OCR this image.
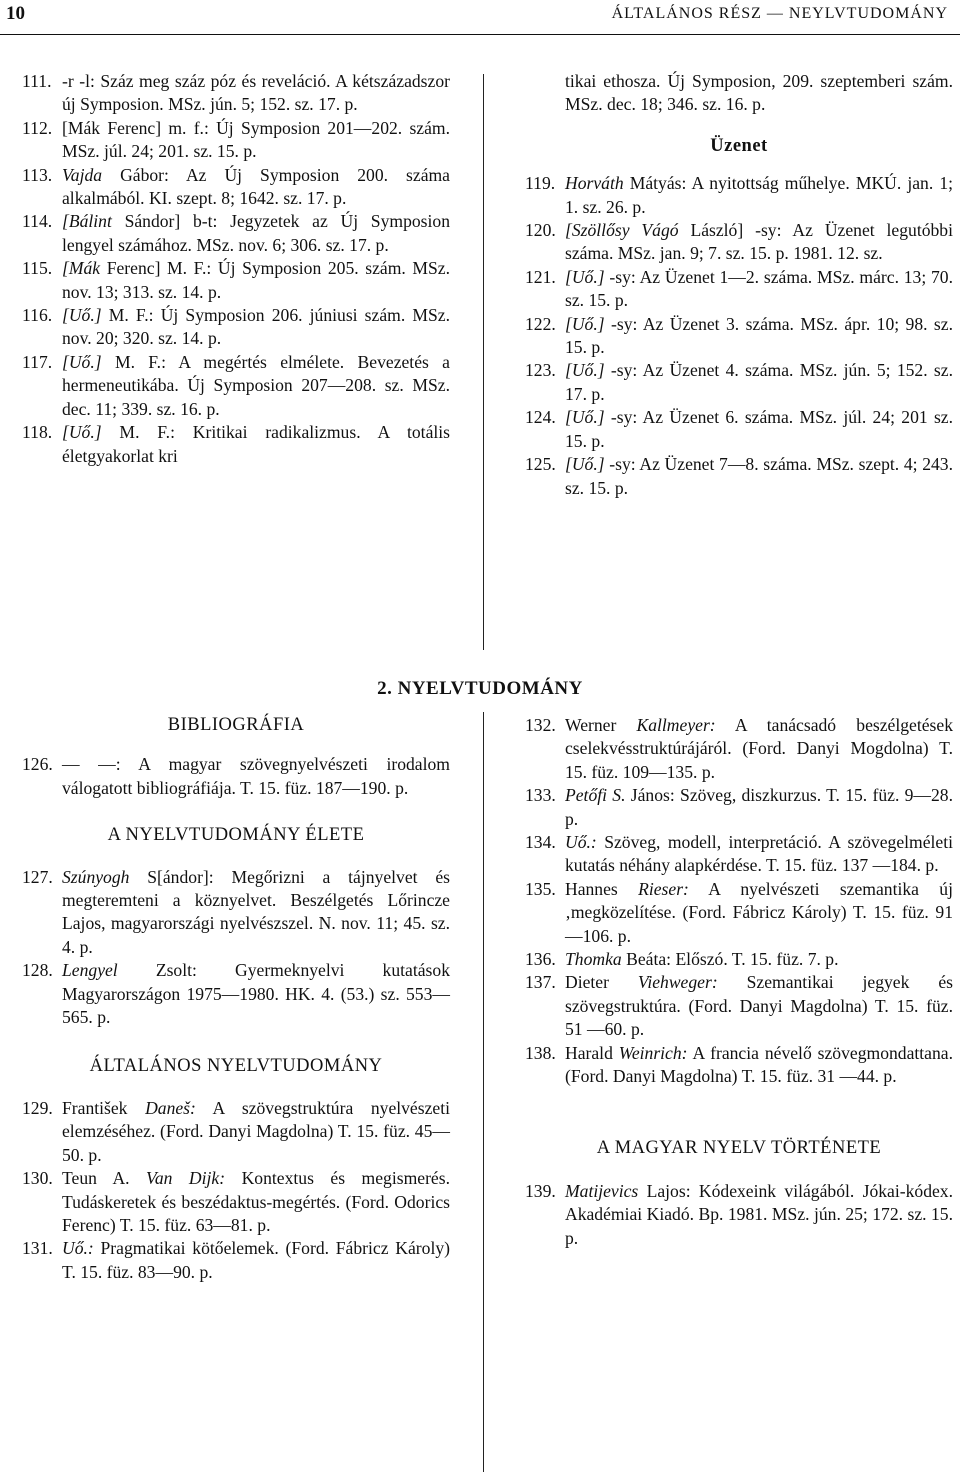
10	ÁLTALÁNOS RÉSZ — NEYLVTUDOMÁNY

111. -r -l: Száz meg száz póz és reveláció. A kétszázadszor új Symposion. MSz. jún. 5; 152. sz. 17. p.

112. [Mák Ferenc] m. f.: Új Symposion 201—202. szám. MSz. júl. 24; 201. sz. 15. p.

113. Vajda Gábor: Az Új Symposion 200. száma alkalmából. KI. szept. 8; 1642. sz. 17. p.

114. [Bálint Sándor] b-t: Jegyzetek az Új Symposion lengyel számához. MSz. nov. 6; 306. sz. 17. p.

115. [Mák Ferenc] M. F.: Új Symposion 205. szám. MSz. nov. 13; 313. sz. 14. p.

116. [Uő.] M. F.: Új Symposion 206. júniusi szám. MSz. nov. 20; 320. sz. 14. p.

117. [Uő.] M. F.: A megértés elmélete. Bevezetés a hermeneutikába. Új Symposion 207—208. sz. MSz. dec. 11; 339. sz. 16. p.

118. [Uő.] M. F.: Kritikai radikalizmus. A totális életgyakorlat kri

tikai ethosza. Új Symposion, 209. szeptemberi szám. MSz. dec. 18; 346. sz. 16. p.

Üzenet

119. Horváth Mátyás: A nyitottság műhelye. MKÚ. jan. 1; 1. sz. 26. p.

120. [Szöllősy Vágó László] -sy: Az Üzenet legutóbbi száma. MSz. jan. 9; 7. sz. 15. p. 1981. 12. sz.

121. [Uő.] -sy: Az Üzenet 1—2. száma. MSz. márc. 13; 70. sz. 15. p.

122. [Uő.] -sy: Az Üzenet 3. száma. MSz. ápr. 10; 98. sz. 15. p.

123. [Uő.] -sy: Az Üzenet 4. száma. MSz. jún. 5; 152. sz. 17. p.

124. [Uő.] -sy: Az Üzenet 6. száma. MSz. júl. 24; 201 sz. 15. p.

125. [Uő.] -sy: Az Üzenet 7—8. száma. MSz. szept. 4; 243. sz. 15. p.

2. NYELVTUDOMÁNY

BIBLIOGRÁFIA

126. — —: A magyar szövegnyelvészeti irodalom válogatott bibliográfiája. T. 15. füz. 187—190. p.

A NYELVTUDOMÁNY ÉLETE

127. Szúnyogh S[ándor]: Megőrizni a tájnyelvet és megteremteni a köznyelvet. Beszélgetés Lőrincze Lajos, magyarországi nyelvészszel. N. nov. 11; 45. sz. 4. p.

128. Lengyel Zsolt: Gyermeknyelvi kutatások Magyarországon 1975—1980. HK. 4. (53.) sz. 553—565. p.

ÁLTALÁNOS NYELVTUDOMÁNY

129. František Daneš: A szövegstruktúra nyelvészeti elemzéséhez. (Ford. Danyi Magdolna) T. 15. füz. 45—50. p.

130. Teun A. Van Dijk: Kontextus és megismerés. Tudáskeretek és beszédaktus-megértés. (Ford. Odorics Ferenc) T. 15. füz. 63—81. p.

131. Uő.: Pragmatikai kötőelemek. (Ford. Fábricz Károly) T. 15. füz. 83—90. p.

132. Werner Kallmeyer: A tanácsadó beszélgetések cselekvésstruktúrájáról. (Ford. Danyi Mogdolna) T. 15. füz. 109—135. p.

133. Petőfi S. János: Szöveg, diszkurzus. T. 15. füz. 9—28. p.

134. Uő.: Szöveg, modell, interpretáció. A szövegelméleti kutatás néhány alapkérdése. T. 15. füz. 137 —184. p.

135. Hannes Rieser: A nyelvészeti szemantika új ‚megközelítése. (Ford. Fábricz Károly) T. 15. füz. 91—106. p.

136. Thomka Beáta: Előszó. T. 15. füz. 7. p.

137. Dieter Viehweger: Szemantikai jegyek és szövegstruktúra. (Ford. Danyi Magdolna) T. 15. füz. 51 —60. p.

138. Harald Weinrich: A francia névelő szövegmondattana. (Ford. Danyi Magdolna) T. 15. füz. 31 —44. p.

A MAGYAR NYELV TÖRTÉNETE

139. Matijevics Lajos: Kódexeink világából. Jókai-kódex. Akadémiai Kiadó. Bp. 1981. MSz. jún. 25; 172. sz. 15. p.
